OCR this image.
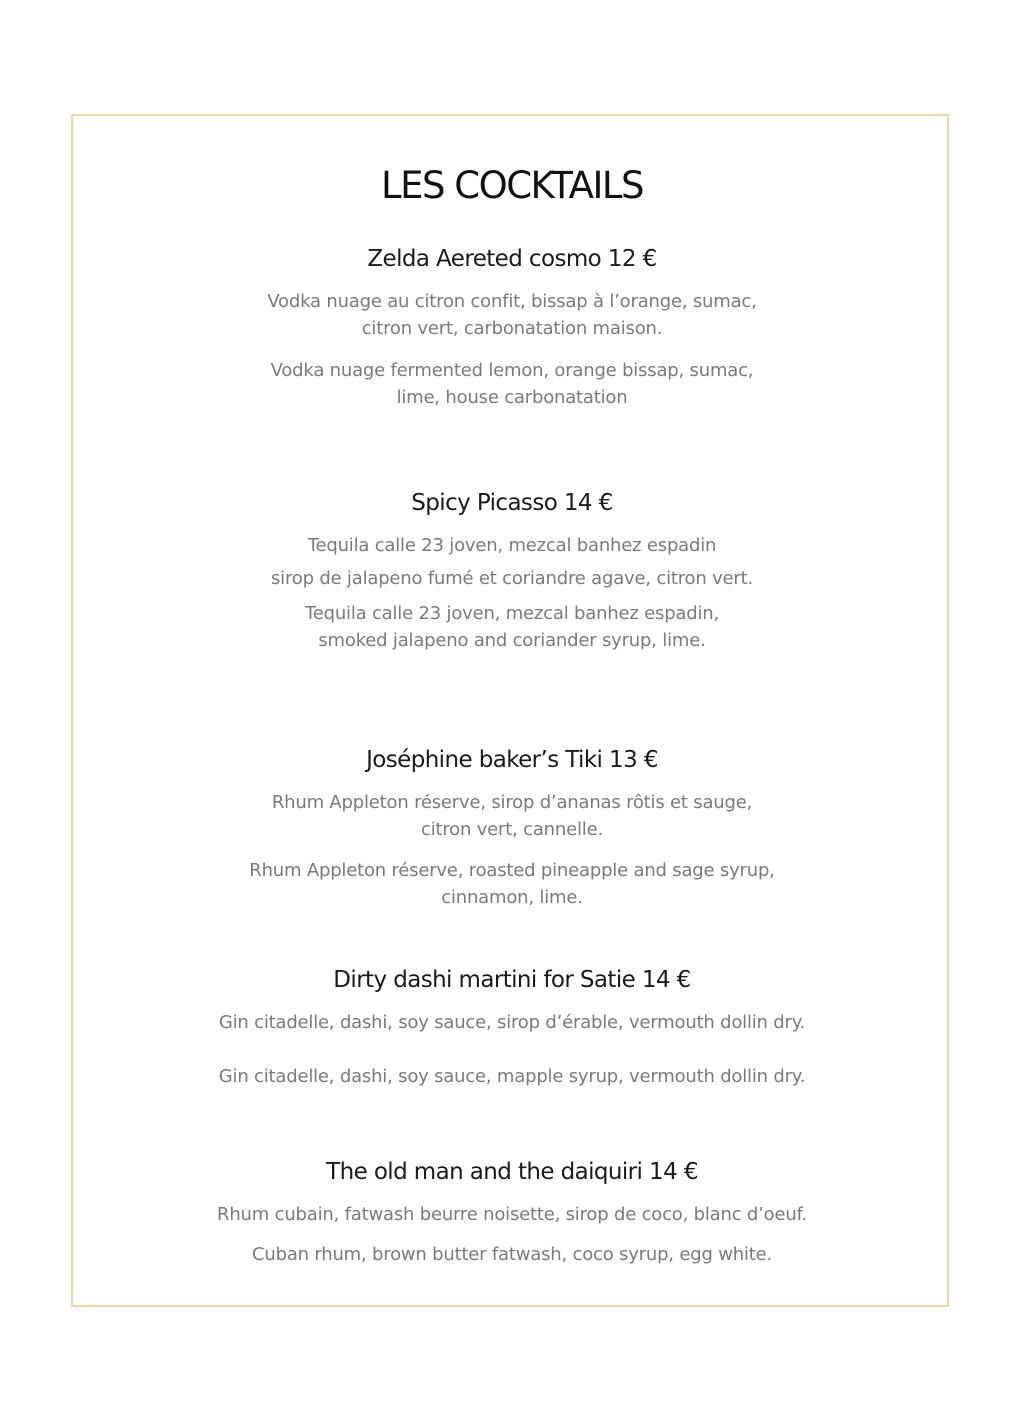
LES COCKTAILS
Zelda Aereted cosmo 12 €

Vodka nuage au citron confit, bissap à l’orange, sumac,
citron vert, carbonatation maison.

Vodka nuage fermented lemon, orange bissap, sumac,
lime, house carbonatation

Spicy Picasso 14 €

Tequila calle 23 joven, mezcal banhez espadin
sirop de jalapeno fumé et coriandre agave, citron vert.

Tequila calle 23 joven, mezcal banhez espadin,
smoked jalapeno and coriander syrup, lime.

Joséphine baker’s Tiki 13 €

Rhum Appleton réserve, sirop d’ananas rôtis et sauge,
citron vert, cannelle.

Rhum Appleton réserve, roasted pineapple and sage syrup,
cinnamon, lime.

Dirty dashi martini for Satie 14 €

Gin citadelle, dashi, soy sauce, sirop d’érable, vermouth dollin dry.

Gin citadelle, dashi, soy sauce, mapple syrup, vermouth dollin dry.

The old man and the daiquiri 14 €

Rhum cubain, fatwash beurre noisette, sirop de coco, blanc d’oeuf.

Cuban rhum, brown butter fatwash, coco syrup, egg white.
